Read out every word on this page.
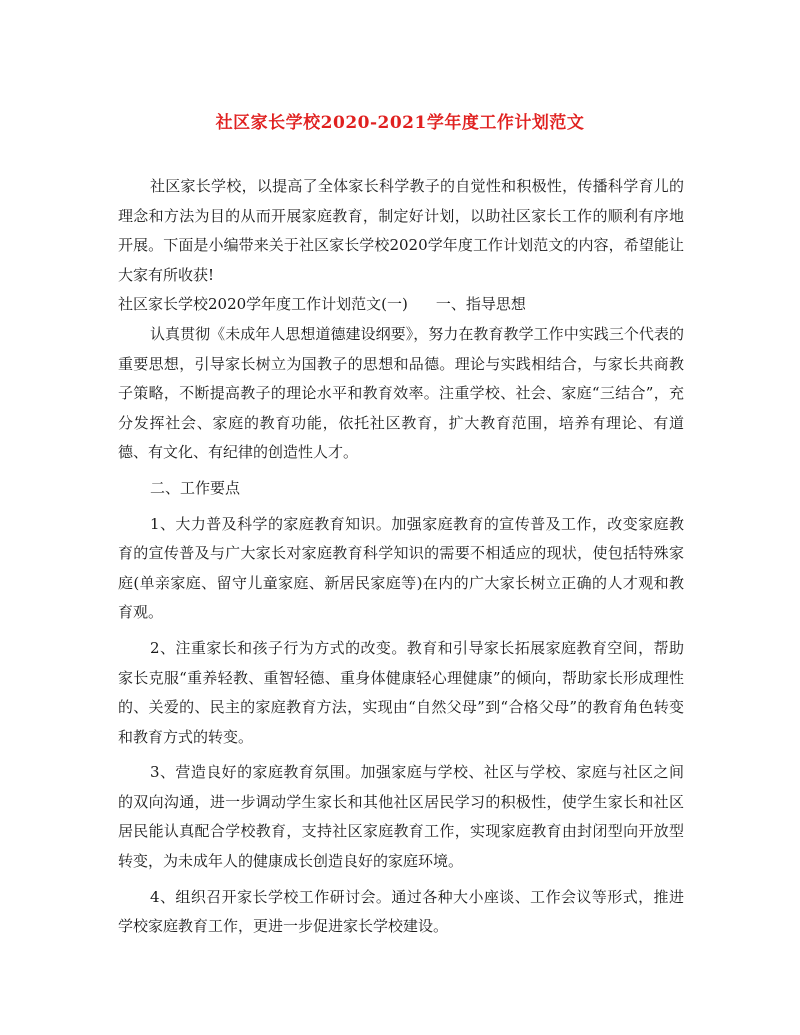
社区家长学校2020-2021学年度工作计划范文

社区家长学校，以提高了全体家长科学教子的自觉性和积极性，传播科学育儿的理念和方法为目的从而开展家庭教育，制定好计划，以助社区家长工作的顺利有序地开展。下面是小编带来关于社区家长学校2020学年度工作计划范文的内容，希望能让大家有所收获!

社区家长学校2020学年度工作计划范文(一) 一、指导思想

认真贯彻《未成年人思想道德建设纲要》，努力在教育教学工作中实践三个代表的重要思想，引导家长树立为国教子的思想和品德。理论与实践相结合，与家长共商教子策略，不断提高教子的理论水平和教育效率。注重学校、社会、家庭“三结合”，充分发挥社会、家庭的教育功能，依托社区教育，扩大教育范围，培养有理论、有道德、有文化、有纪律的创造性人才。

二、工作要点

1、大力普及科学的家庭教育知识。加强家庭教育的宣传普及工作，改变家庭教育的宣传普及与广大家长对家庭教育科学知识的需要不相适应的现状，使包括特殊家庭(单亲家庭、留守儿童家庭、新居民家庭等)在内的广大家长树立正确的人才观和教育观。

2、注重家长和孩子行为方式的改变。教育和引导家长拓展家庭教育空间，帮助家长克服“重养轻教、重智轻德、重身体健康轻心理健康”的倾向，帮助家长形成理性的、关爱的、民主的家庭教育方法，实现由“自然父母”到“合格父母”的教育角色转变和教育方式的转变。

3、营造良好的家庭教育氛围。加强家庭与学校、社区与学校、家庭与社区之间的双向沟通，进一步调动学生家长和其他社区居民学习的积极性，使学生家长和社区居民能认真配合学校教育，支持社区家庭教育工作，实现家庭教育由封闭型向开放型转变，为未成年人的健康成长创造良好的家庭环境。

4、组织召开家长学校工作研讨会。通过各种大小座谈、工作会议等形式，推进学校家庭教育工作，更进一步促进家长学校建设。
